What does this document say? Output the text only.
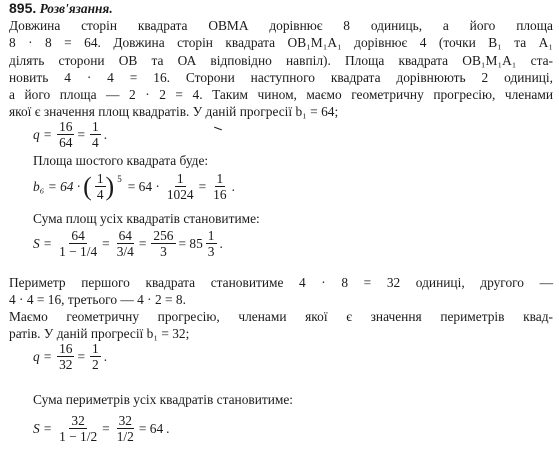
895. Розв'язання.
Довжина сторін квадрата ОВМА дорівнює 8 одиниць, а його площа
8 · 8 = 64. Довжина сторін квадрата ОВ₁М₁А₁ дорівнює 4 (точки В₁ та А₁
ділять сторони ОВ та ОА відповідно навпіл). Площа квадрата ОВ₁М₁А₁ ста-
новить 4 · 4 = 16. Сторони наступного квадрата дорівнюють 2 одиниці,
а його площа — 2 · 2 = 4. Таким чином, маємо геометричну прогресію, членами
якої є значення площ квадратів. У даній прогресії b₁ = 64;
$q = \frac{16}{64} = \frac{1}{4}$ .
Площа шостого квадрата буде:
b₆ = 64 · ( $\frac{1}{4}$ ) $^5 = 64 \cdot \frac{1}{1024} = \frac{1}{16}$ .
Сума площ усіх квадратів становитиме:
$S = \frac{64}{1 - 1/4} = \frac{64}{3/4} = \frac{256}{3} = 85 \frac{1}{3}$ .
Периметр першого квадрата становитиме 4 · 8 = 32 одиниці, другого —
4 · 4 = 16, третього — 4 · 2 = 8.
Маємо геометричну прогресію, членами якої є значення периметрів квад-
ратів. У даній прогресії b₁ = 32;
$q = \frac{16}{32} = \frac{1}{2}$ .
Сума периметрів усіх квадратів становитиме:
$S = \frac{32}{1 - 1/2} = \frac{32}{1/2} = 64$ .
